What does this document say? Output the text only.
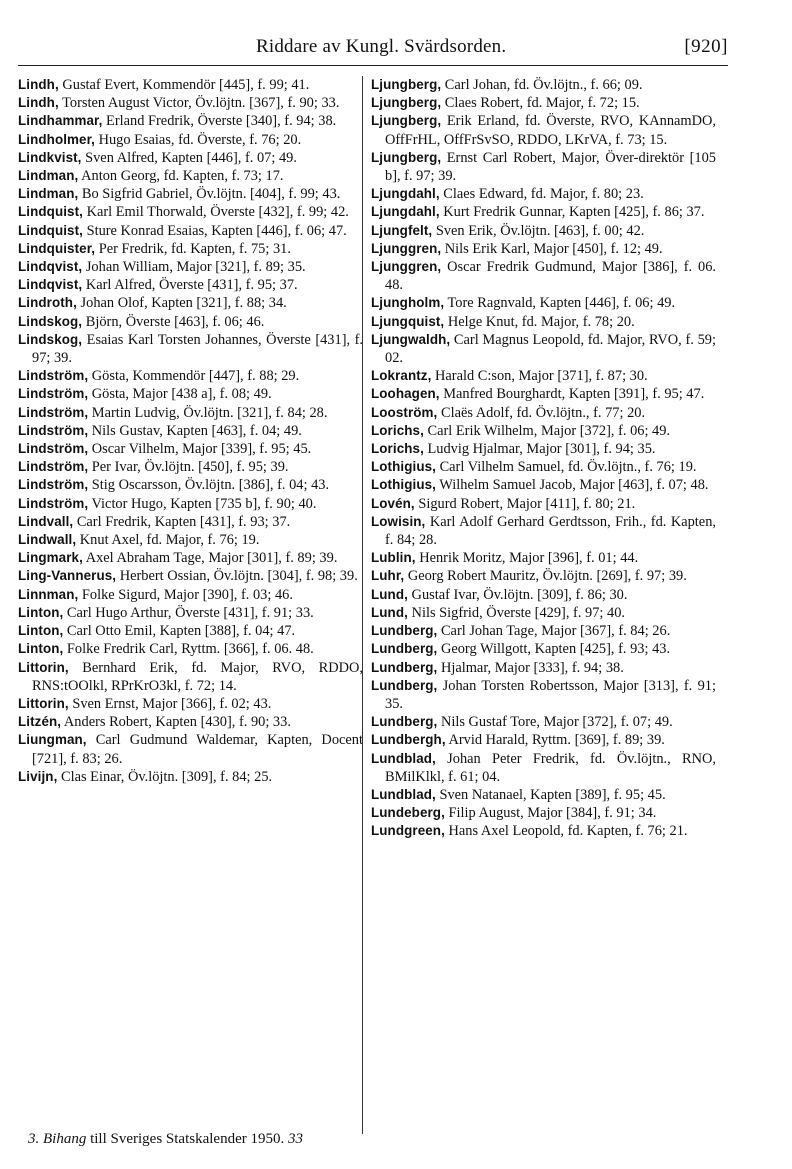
Riddare av Kungl. Svärdsorden.	[920]
Lindh, Gustaf Evert, Kommendör [445], f. 99; 41.
Lindh, Torsten August Victor, Öv.löjtn. [367], f. 90; 33.
Lindhammar, Erland Fredrik, Överste [340], f. 94; 38.
Lindholmer, Hugo Esaias, fd. Överste, f. 76; 20.
Lindkvist, Sven Alfred, Kapten [446], f. 07; 49.
Lindman, Anton Georg, fd. Kapten, f. 73; 17.
Lindman, Bo Sigfrid Gabriel, Öv.löjtn. [404], f. 99; 43.
Lindquist, Karl Emil Thorwald, Överste [432], f. 99; 42.
Lindquist, Sture Konrad Esaias, Kapten [446], f. 06; 47.
Lindquister, Per Fredrik, fd. Kapten, f. 75; 31.
Lindqvist, Johan William, Major [321], f. 89; 35.
Lindqvist, Karl Alfred, Överste [431], f. 95; 37.
Lindroth, Johan Olof, Kapten [321], f. 88; 34.
Lindskog, Björn, Överste [463], f. 06; 46.
Lindskog, Esaias Karl Torsten Johannes, Överste [431], f. 97; 39.
Lindström, Gösta, Kommendör [447], f. 88; 29.
Lindström, Gösta, Major [438 a], f. 08; 49.
Lindström, Martin Ludvig, Öv.löjtn. [321], f. 84; 28.
Lindström, Nils Gustav, Kapten [463], f. 04; 49.
Lindström, Oscar Vilhelm, Major [339], f. 95; 45.
Lindström, Per Ivar, Öv.löjtn. [450], f. 95; 39.
Lindström, Stig Oscarsson, Öv.löjtn. [386], f. 04; 43.
Lindström, Victor Hugo, Kapten [735 b], f. 90; 40.
Lindvall, Carl Fredrik, Kapten [431], f. 93; 37.
Lindwall, Knut Axel, fd. Major, f. 76; 19.
Lingmark, Axel Abraham Tage, Major [301], f. 89; 39.
Ling-Vannerus, Herbert Ossian, Öv.löjtn. [304], f. 98; 39.
Linnman, Folke Sigurd, Major [390], f. 03; 46.
Linton, Carl Hugo Arthur, Överste [431], f. 91; 33.
Linton, Carl Otto Emil, Kapten [388], f. 04; 47.
Linton, Folke Fredrik Carl, Ryttm. [366], f. 06. 48.
Littorin, Bernhard Erik, fd. Major, RVO, RDDO, RNS:tOOlkl, RPrKrO3kl, f. 72; 14.
Littorin, Sven Ernst, Major [366], f. 02; 43.
Litzén, Anders Robert, Kapten [430], f. 90; 33.
Liungman, Carl Gudmund Waldemar, Kapten, Docent [721], f. 83; 26.
Livijn, Clas Einar, Öv.löjtn. [309], f. 84; 25.
Ljungberg, Carl Johan, fd. Öv.löjtn., f. 66; 09.
Ljungberg, Claes Robert, fd. Major, f. 72; 15.
Ljungberg, Erik Erland, fd. Överste, RVO, KAnnamDO, OffFrHL, OffFrSvSO, RDDO, LKrVA, f. 73; 15.
Ljungberg, Ernst Carl Robert, Major, Över-direktör [105 b], f. 97; 39.
Ljungdahl, Claes Edward, fd. Major, f. 80; 23.
Ljungdahl, Kurt Fredrik Gunnar, Kapten [425], f. 86; 37.
Ljungfelt, Sven Erik, Öv.löjtn. [463], f. 00; 42.
Ljunggren, Nils Erik Karl, Major [450], f. 12; 49.
Ljunggren, Oscar Fredrik Gudmund, Major [386], f. 06. 48.
Ljungholm, Tore Ragnvald, Kapten [446], f. 06; 49.
Ljungquist, Helge Knut, fd. Major, f. 78; 20.
Ljungwaldh, Carl Magnus Leopold, fd. Major, RVO, f. 59; 02.
Lokrantz, Harald C:son, Major [371], f. 87; 30.
Loohagen, Manfred Bourghardt, Kapten [391], f. 95; 47.
Looström, Claës Adolf, fd. Öv.löjtn., f. 77; 20.
Lorichs, Carl Erik Wilhelm, Major [372], f. 06; 49.
Lorichs, Ludvig Hjalmar, Major [301], f. 94; 35.
Lothigius, Carl Vilhelm Samuel, fd. Öv.löjtn., f. 76; 19.
Lothigius, Wilhelm Samuel Jacob, Major [463], f. 07; 48.
Lovén, Sigurd Robert, Major [411], f. 80; 21.
Lowisin, Karl Adolf Gerhard Gerdtsson, Frih., fd. Kapten, f. 84; 28.
Lublin, Henrik Moritz, Major [396], f. 01; 44.
Luhr, Georg Robert Mauritz, Öv.löjtn. [269], f. 97; 39.
Lund, Gustaf Ivar, Öv.löjtn. [309], f. 86; 30.
Lund, Nils Sigfrid, Överste [429], f. 97; 40.
Lundberg, Carl Johan Tage, Major [367], f. 84; 26.
Lundberg, Georg Willgott, Kapten [425], f. 93; 43.
Lundberg, Hjalmar, Major [333], f. 94; 38.
Lundberg, Johan Torsten Robertsson, Major [313], f. 91; 35.
Lundberg, Nils Gustaf Tore, Major [372], f. 07; 49.
Lundbergh, Arvid Harald, Ryttm. [369], f. 89; 39.
Lundblad, Johan Peter Fredrik, fd. Öv.löjtn., RNO, BMilKlkl, f. 61; 04.
Lundblad, Sven Natanael, Kapten [389], f. 95; 45.
Lundeberg, Filip August, Major [384], f. 91; 34.
Lundgreen, Hans Axel Leopold, fd. Kapten, f. 76; 21.
3. Bihang till Sveriges Statskalender 1950. 33
